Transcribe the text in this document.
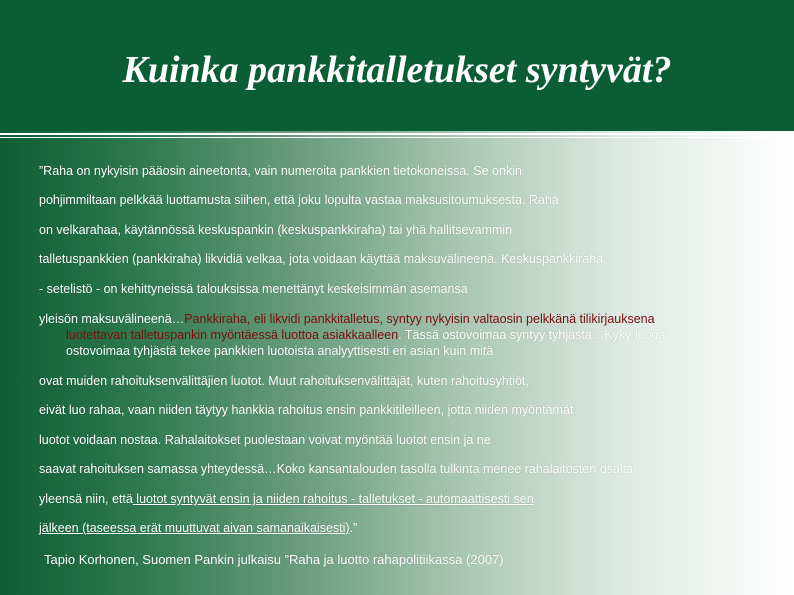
Kuinka pankkitalletukset syntyvät?
”Raha on nykyisin pääosin aineetonta, vain numeroita pankkien tietokoneissa. Se onkin
pohjimmiltaan pelkkää luottamusta siihen, että joku lopulta vastaa maksusitoumuksesta. Raha
on velkarahaa, käytännössä keskuspankin (keskuspankkiraha) tai yhä hallitsevammin
talletuspankkien (pankkiraha) likvidiä velkaa, jota voidaan käyttää maksuvälineenä. Keskuspankkiraha
- setelistö - on kehittyneissä talouksissa menettänyt keskeisimmän asemansa
yleisön maksuvälineenä…Pankkiraha, eli likvidi pankkitalletus, syntyy nykyisin valtaosin pelkkänä tilikirjauksena
luotettavan talletuspankin myöntäessä luottoa asiakkaalleen. Tässä ostovoimaa syntyy tyhjästä…Kyky luoda
ostovoimaa tyhjästä tekee pankkien luotoista analyyttisesti eri asian kuin mitä
ovat muiden rahoituksenvälittäjien luotot. Muut rahoituksenvälittäjät, kuten rahoitusyhtiöt,
eivät luo rahaa, vaan niiden täytyy hankkia rahoitus ensin pankkitileilleen, jotta niiden myöntämät
luotot voidaan nostaa. Rahalaitokset puolestaan voivat myöntää luotot ensin ja ne
saavat rahoituksen samassa yhteydessä…Koko kansantalouden tasolla tulkinta menee rahalaitosten osalta
yleensä niin, että luotot syntyvät ensin ja niiden rahoitus - talletukset - automaattisesti sen
jälkeen (taseessa erät muuttuvat aivan samanaikaisesti).”
Tapio Korhonen, Suomen Pankin julkaisu ”Raha ja luotto rahapolitiikassa (2007)
